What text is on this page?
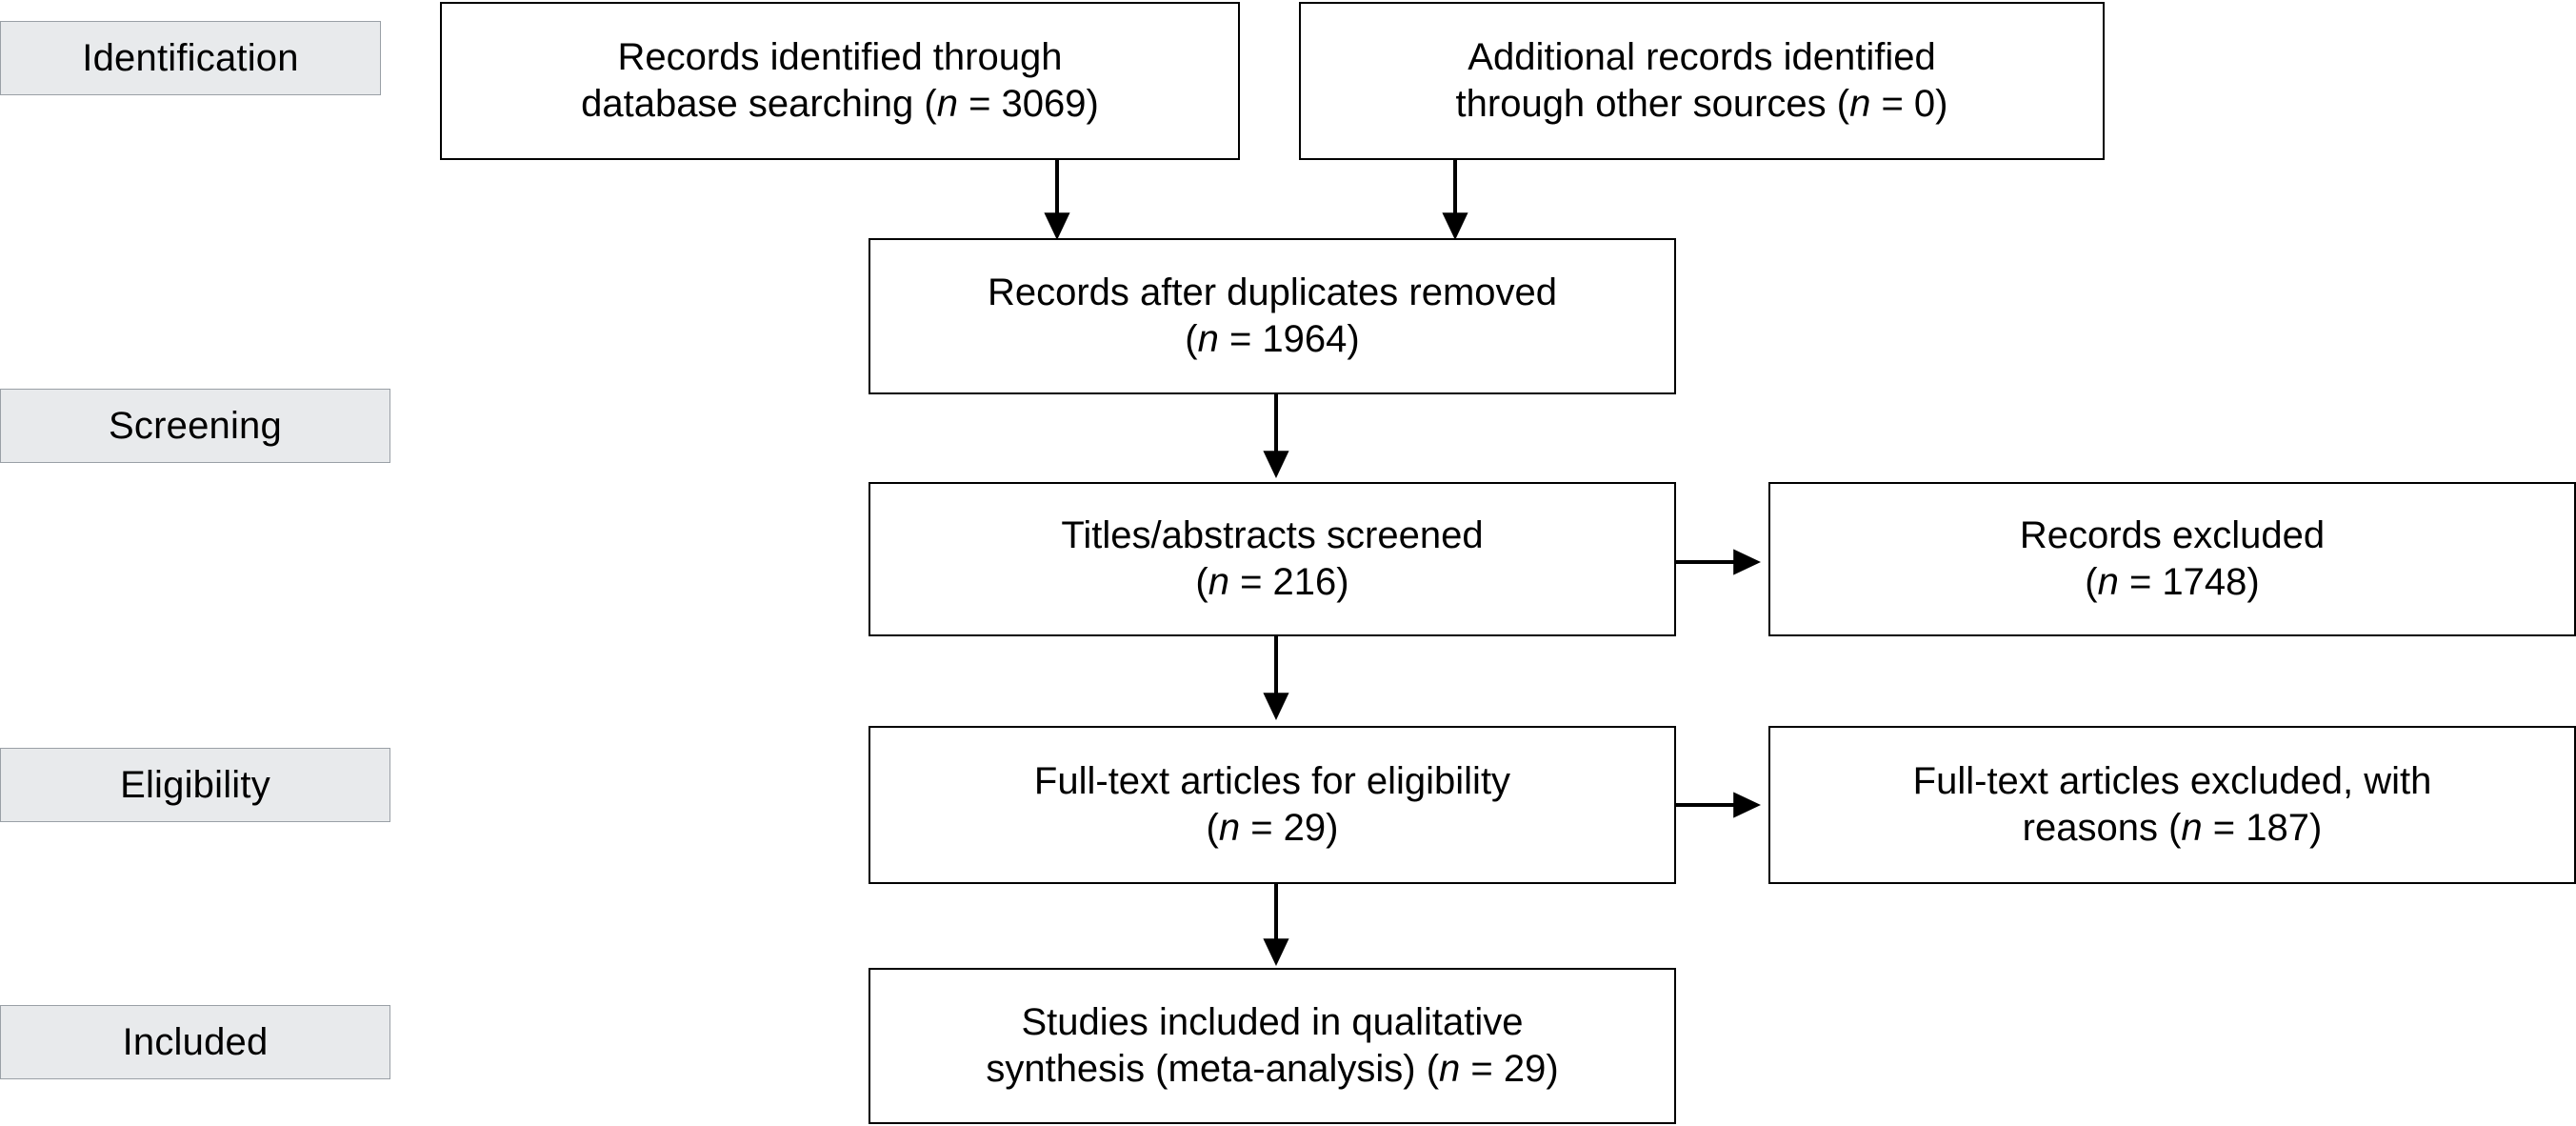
Identification
Screening
Eligibility
Included
Records identified through
database searching (n = 3069)
Additional records identified
through other sources (n = 0)
Records after duplicates removed
(n = 1964)
Titles/abstracts screened
(n = 216)
Records excluded
(n = 1748)
Full-text articles for eligibility
(n = 29)
Full-text articles excluded, with
reasons (n = 187)
Studies included in qualitative
synthesis (meta-analysis) (n = 29)
